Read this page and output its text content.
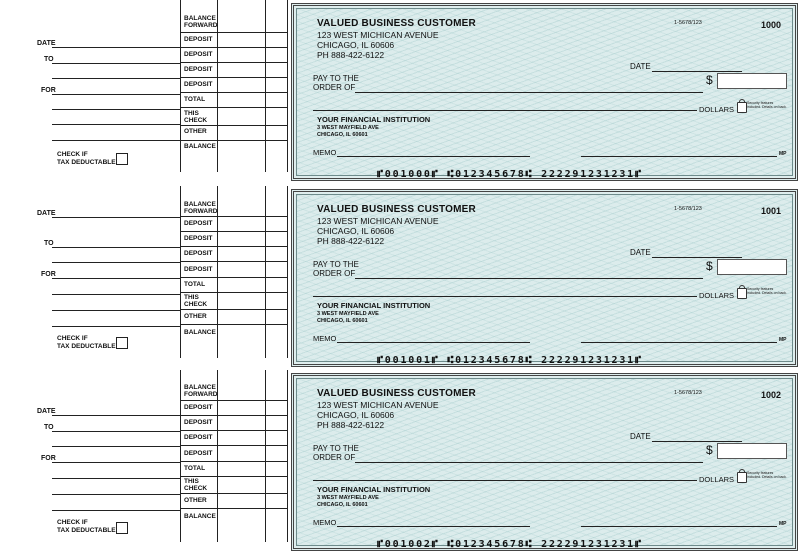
DATE
TO
FOR
BALANCE FORWARD
DEPOSIT
DEPOSIT
DEPOSIT
DEPOSIT
TOTAL
THIS CHECK
OTHER
BALANCE
CHECK IF
TAX DEDUCTABLE
VALUED BUSINESS CUSTOMER
123 WEST MICHICAN AVENUE
CHICAGO, IL 60606
PH 888-422-6122
1-5678/123	1000
DATE
PAY TO THE
ORDER OF
$
DOLLARS
Security features included. Details on back.
YOUR FINANCIAL INSTITUTION
3 WEST MAYFIELD AVE
CHICAGO, IL 60601
MEMO	MP
⑈001000⑈ ⑆012345678⑆ 222291231231⑈
DATE
TO
FOR
BALANCE FORWARD
DEPOSIT
DEPOSIT
DEPOSIT
DEPOSIT
TOTAL
THIS CHECK
OTHER
BALANCE
CHECK IF
TAX DEDUCTABLE
VALUED BUSINESS CUSTOMER
123 WEST MICHICAN AVENUE
CHICAGO, IL 60606
PH 888-422-6122
1-5678/123	1001
DATE
PAY TO THE
ORDER OF
$
DOLLARS
Security features included. Details on back.
YOUR FINANCIAL INSTITUTION
3 WEST MAYFIELD AVE
CHICAGO, IL 60601
MEMO	MP
⑈001001⑈ ⑆012345678⑆ 222291231231⑈
DATE
TO
FOR
BALANCE FORWARD
DEPOSIT
DEPOSIT
DEPOSIT
DEPOSIT
TOTAL
THIS CHECK
OTHER
BALANCE
CHECK IF
TAX DEDUCTABLE
VALUED BUSINESS CUSTOMER
123 WEST MICHICAN AVENUE
CHICAGO, IL 60606
PH 888-422-6122
1-5678/123	1002
DATE
PAY TO THE
ORDER OF
$
DOLLARS
Security features included. Details on back.
YOUR FINANCIAL INSTITUTION
3 WEST MAYFIELD AVE
CHICAGO, IL 60601
MEMO	MP
⑈001002⑈ ⑆012345678⑆ 222291231231⑈
